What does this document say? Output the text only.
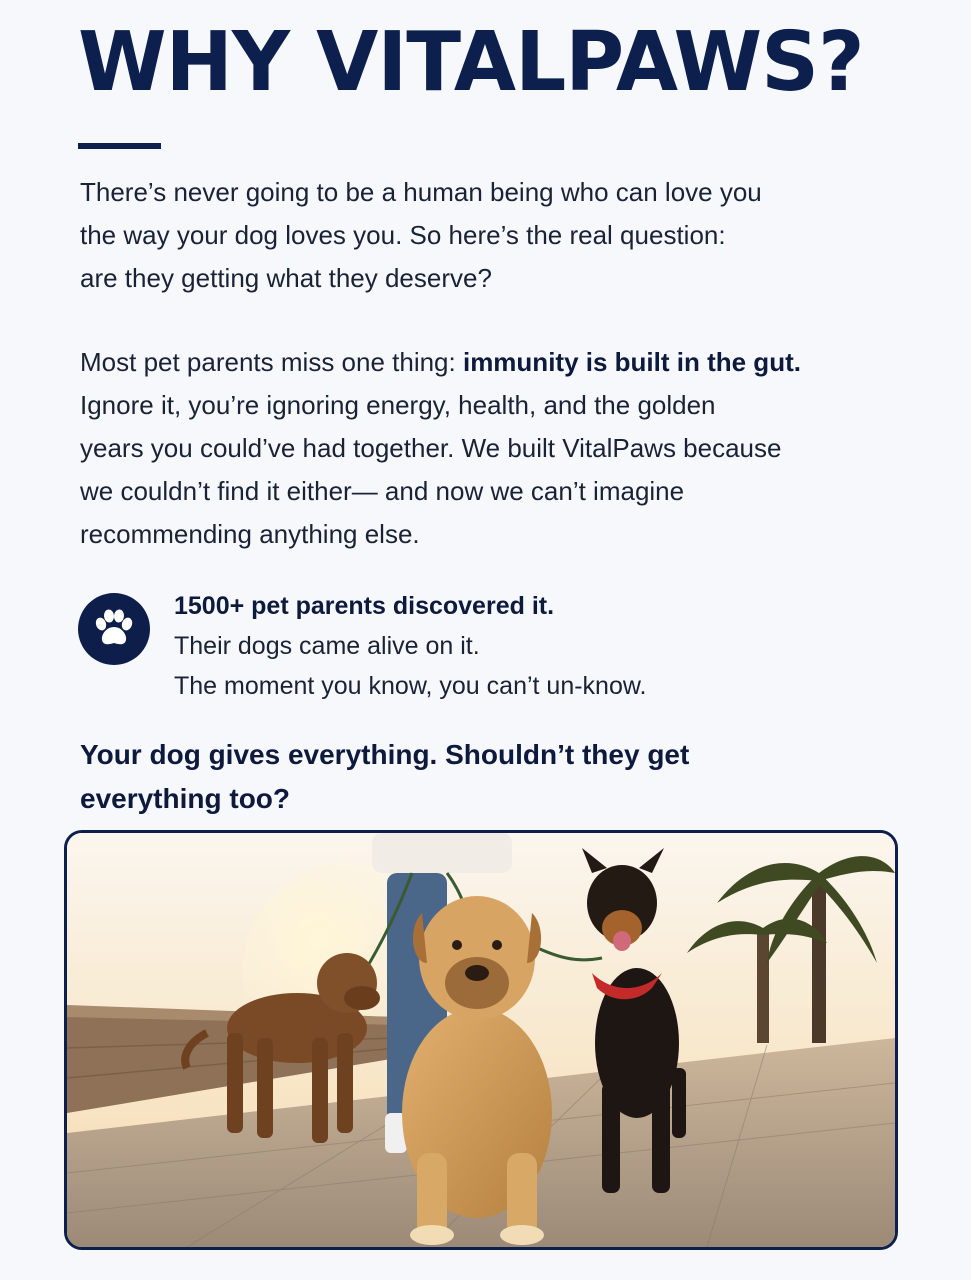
WHY VITALPAWS?

There’s never going to be a human being who can love you
the way your dog loves you. So here’s the real question:
are they getting what they deserve?

Most pet parents miss one thing: immunity is built in the gut.
Ignore it, you’re ignoring energy, health, and the golden
years you could’ve had together. We built VitalPaws because
we couldn’t find it either— and now we can’t imagine
recommending anything else.

1500+ pet parents discovered it.
Their dogs came alive on it.
The moment you know, you can’t un-know.
Your dog gives everything. Shouldn’t they get
everything too?
